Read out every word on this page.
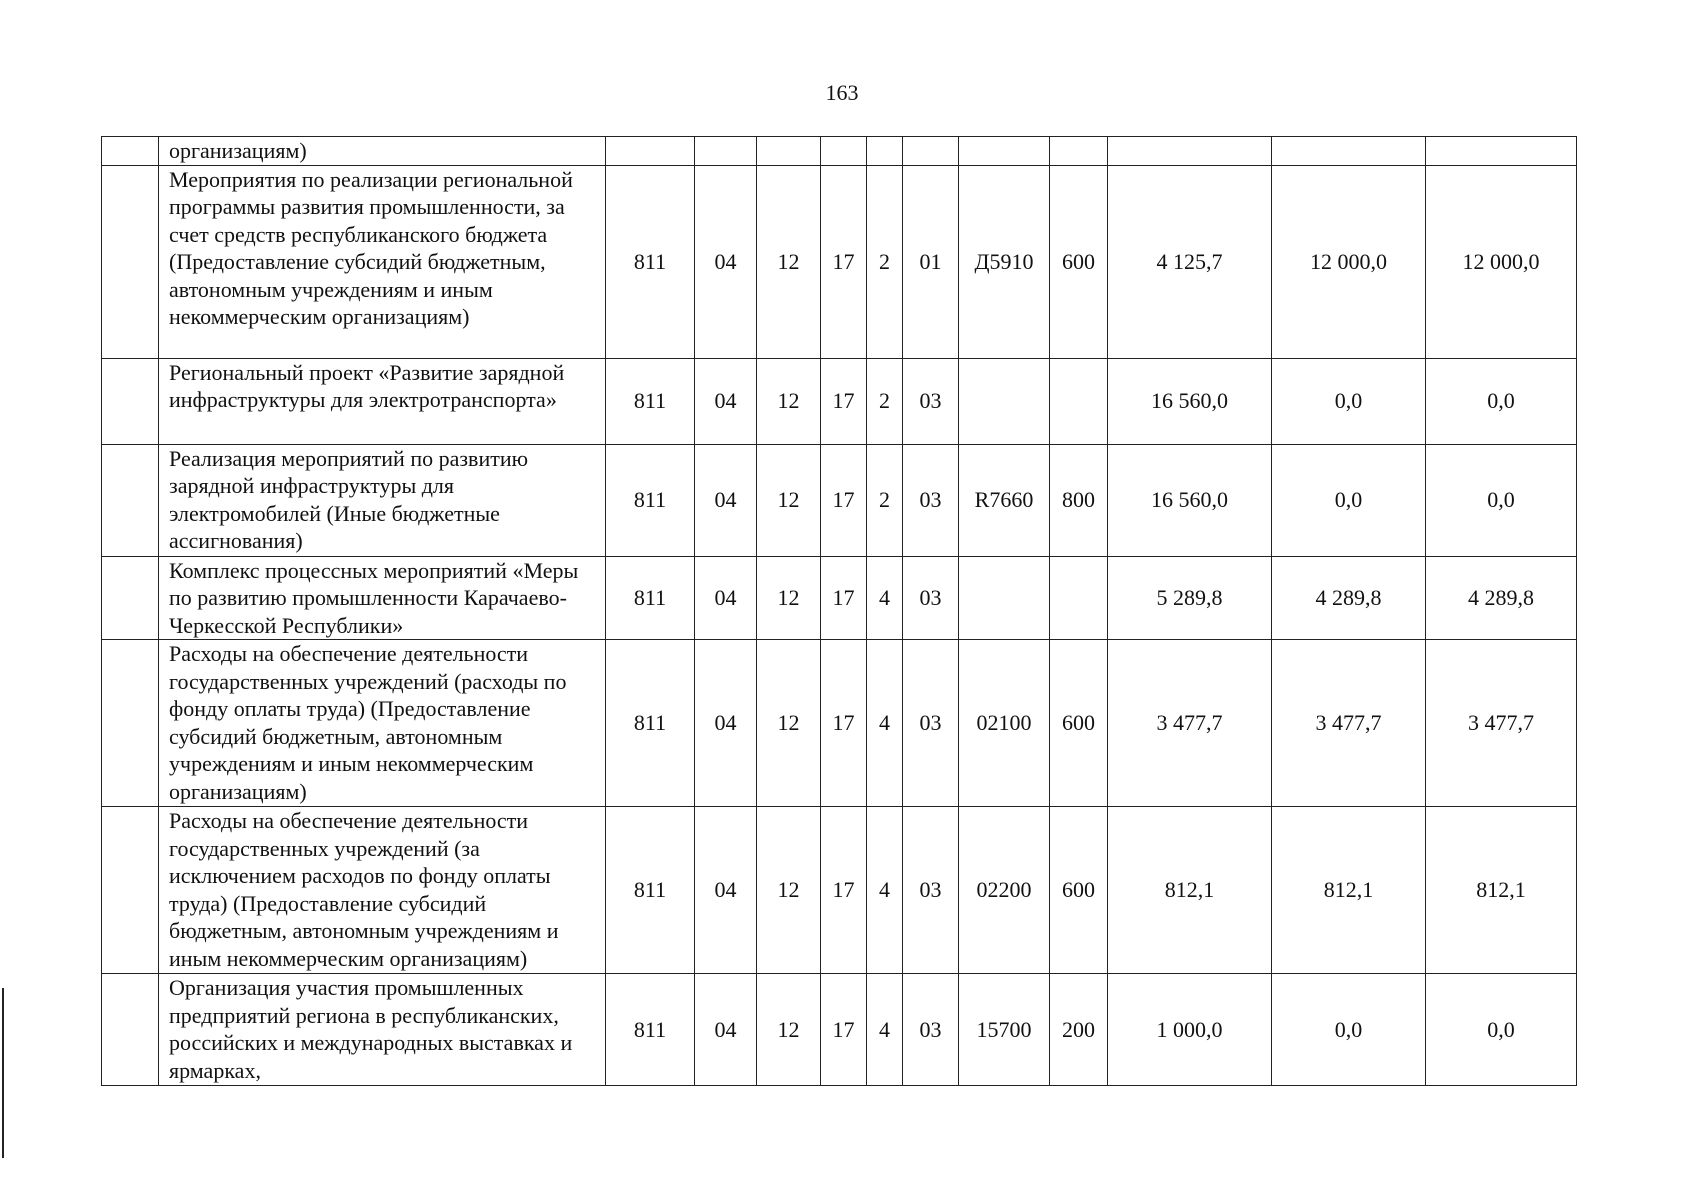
163
	организациям)											
	Мероприятия по реализации региональной программы развития промышленности, за счет средств республиканского бюджета (Предоставление субсидий бюджетным, автономным учреждениям и иным некоммерческим организациям)	811	04	12	17	2	01	Д5910	600	4 125,7	12 000,0	12 000,0
	Региональный проект «Развитие зарядной инфраструктуры для электротранспорта»	811	04	12	17	2	03			16 560,0	0,0	0,0
	Реализация мероприятий по развитию зарядной инфраструктуры для электромобилей (Иные бюджетные ассигнования)	811	04	12	17	2	03	R7660	800	16 560,0	0,0	0,0
	Комплекс процессных мероприятий «Меры по развитию промышленности Карачаево-Черкесской Республики»	811	04	12	17	4	03			5 289,8	4 289,8	4 289,8
	Расходы на обеспечение деятельности государственных учреждений (расходы по фонду оплаты труда) (Предоставление субсидий бюджетным, автономным учреждениям и иным некоммерческим организациям)	811	04	12	17	4	03	02100	600	3 477,7	3 477,7	3 477,7
	Расходы на обеспечение деятельности государственных учреждений (за исключением расходов по фонду оплаты труда) (Предоставление субсидий бюджетным, автономным учреждениям и иным некоммерческим организациям)	811	04	12	17	4	03	02200	600	812,1	812,1	812,1
	Организация участия промышленных предприятий региона в республиканских, российских и международных выставках и ярмарках,	811	04	12	17	4	03	15700	200	1 000,0	0,0	0,0
